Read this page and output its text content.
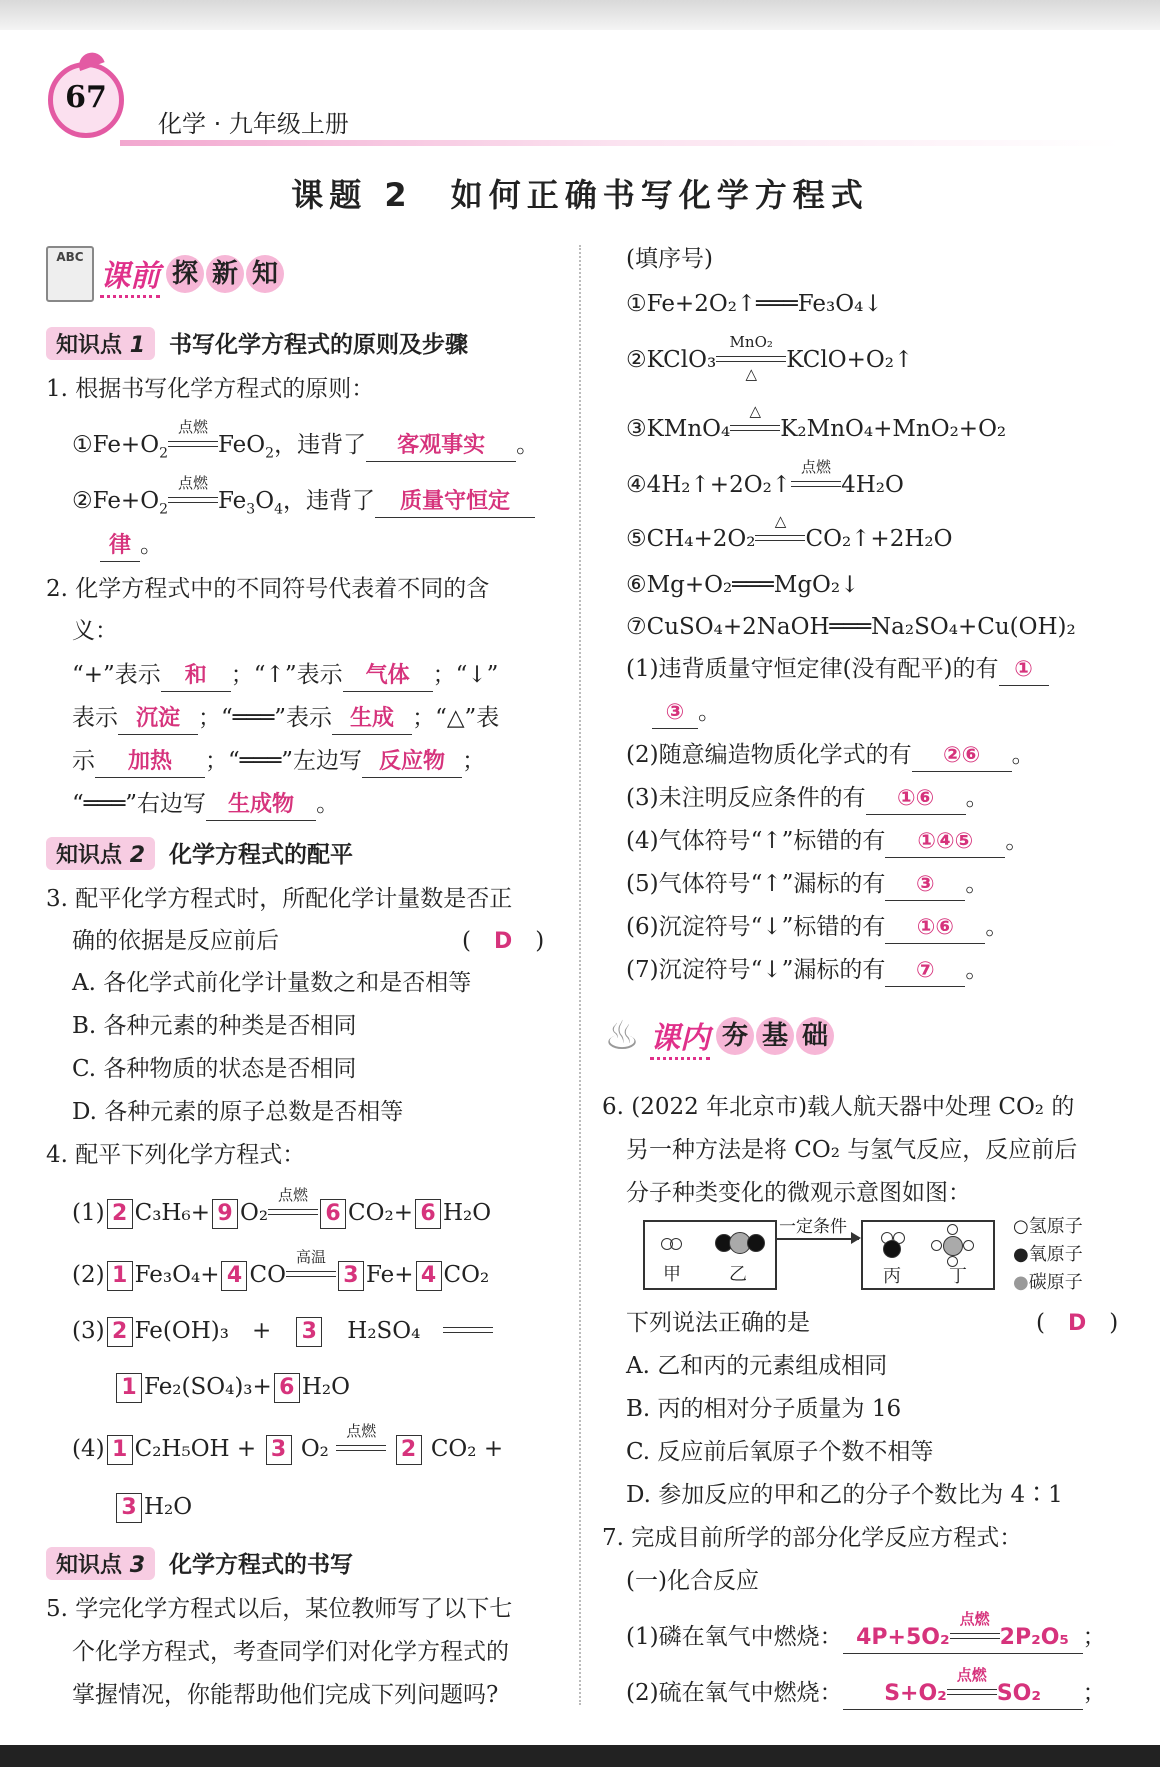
67
化学 · 九年级上册
课题 2　如何正确书写化学方程式
ABC
课前 探 新 知
知识点 1 书写化学方程式的原则及步骤
1. 根据书写化学方程式的原则：
$①Fe+O_2$
点燃
FeO$_2$，违背了 客观事实 。
$②Fe+O_2$
点燃
$Fe_3O_4$，违背了 质量守恒定
律 。
2. 化学方程式中的不同符号代表着不同的含
义：
“+”表示 和 ；“↑”表示 气体 ；“↓”
表示 沉淀 ；“═══”表示 生成 ；“△”表
示 加热 ；“═══”左边写 反应物 ；
“═══”右边写 生成物 。
知识点 2 化学方程式的配平
3. 配平化学方程式时，所配化学计量数是否正
确的依据是反应前后	(　 D　 )
A. 各化学式前化学计量数之和是否相等
B. 各种元素的种类是否相同
C. 各种物质的状态是否相同
D. 各种元素的原子总数是否相等
4. 配平下列化学方程式：
(1) 2 C₃H₆+ 9 O₂
点燃
6 CO₂+ 6 H₂O
(2) 1 Fe₃O₄+ 4 CO
高温
3 Fe+ 4 CO₂
(3) 2 Fe(OH)₃　+　 3　 H₂SO₄　
1 Fe₂(SO₄)₃+ 6 H₂O
(4) 1 C₂H₅OH + 3 O₂
点燃
2 CO₂ +
3 H₂O
知识点 3 化学方程式的书写
5. 学完化学方程式以后，某位教师写了以下七
个化学方程式，考查同学们对化学方程式的
掌握情况，你能帮助他们完成下列问题吗?
(填序号)
①Fe+2O₂↑═══Fe₃O₄↓
②KClO₃
MnO₂
△
KClO+O₂↑
③KMnO₄
△
K₂MnO₄+MnO₂+O₂
④4H₂↑+2O₂↑
点燃
4H₂O
⑤CH₄+2O₂
△
CO₂↑+2H₂O
⑥Mg+O₂═══MgO₂↓
⑦CuSO₄+2NaOH═══Na₂SO₄+Cu(OH)₂
(1)违背质量守恒定律(没有配平)的有 ①
③ 。
(2)随意编造物质化学式的有 ②⑥ 。
(3)未注明反应条件的有 ①⑥ 。
(4)气体符号“↑”标错的有 ①④⑤ 。
(5)气体符号“↑”漏标的有 ③ 。
(6)沉淀符号“↓”标错的有 ①⑥ 。
(7)沉淀符号“↓”漏标的有 ⑦ 。
6. (2022 年北京市)载人航天器中处理 CO₂ 的
另一种方法是将 CO₂ 与氢气反应，反应前后
分子种类变化的微观示意图如图：
下列说法正确的是	(　 D　 )
A. 乙和丙的元素组成相同
B. 丙的相对分子质量为 16
C. 反应前后氧原子个数不相等
D. 参加反应的甲和乙的分子个数比为 4∶1
7. 完成目前所学的部分化学反应方程式：
(一)化合反应
(1)磷在氧气中燃烧： 4P+5O₂
点燃
2P₂O₅ ；
(2)硫在氧气中燃烧： S+O₂
点燃
SO₂ ；
♨ 课内 夯 基 础
甲	乙
一定条件
丙	丁
○氢原子
●氧原子
●碳原子
